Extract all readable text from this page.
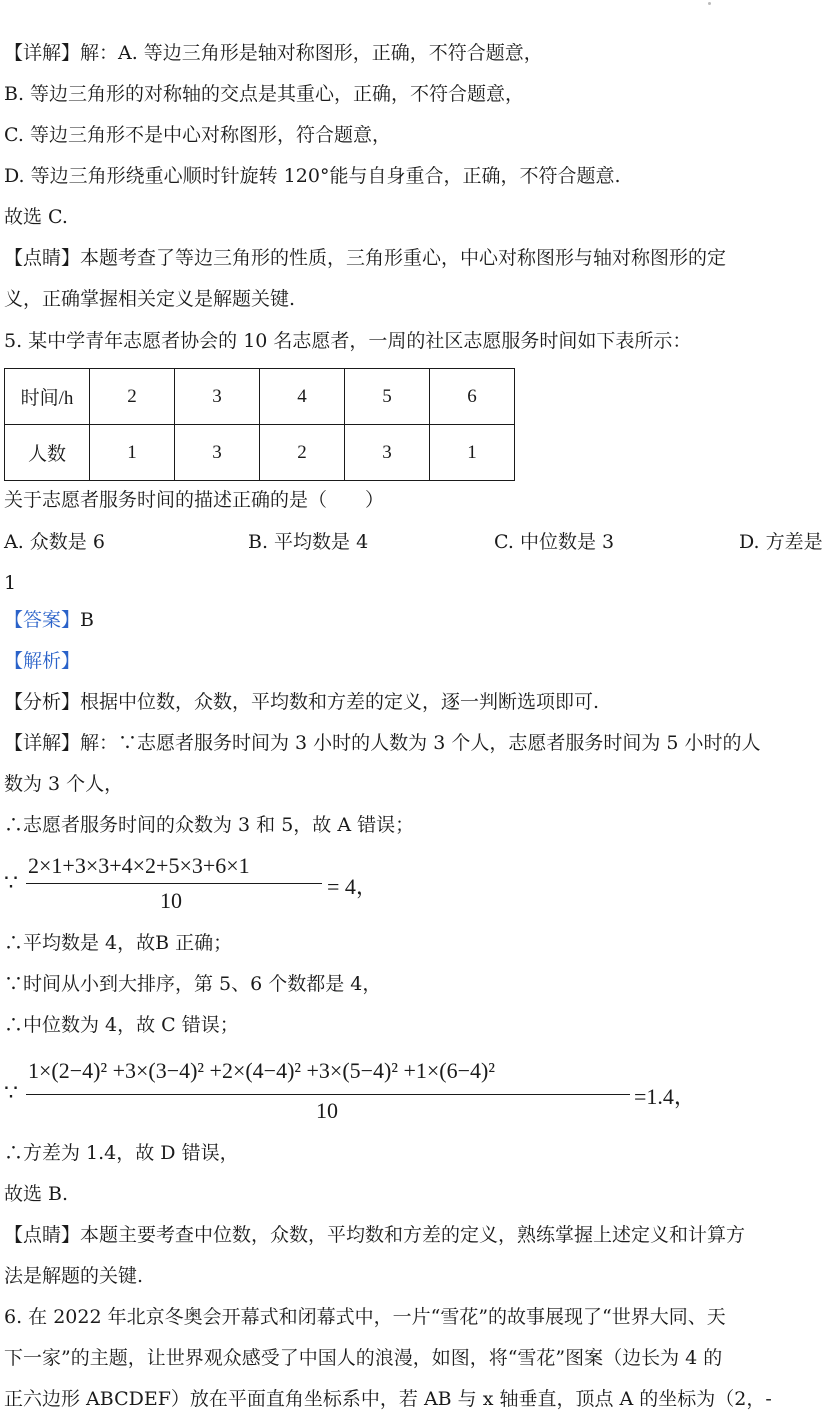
【详解】解：A. 等边三角形是轴对称图形，正确，不符合题意，
B. 等边三角形的对称轴的交点是其重心，正确，不符合题意，
C. 等边三角形不是中心对称图形，符合题意，
D. 等边三角形绕重心顺时针旋转 120°能与自身重合，正确，不符合题意.
故选 C.
【点睛】本题考查了等边三角形的性质，三角形重心，中心对称图形与轴对称图形的定
义，正确掌握相关定义是解题关键.
5. 某中学青年志愿者协会的 10 名志愿者，一周的社区志愿服务时间如下表所示：
时间/h	2	3	4	5	6
人数	1	3	2	3	1
关于志愿者服务时间的描述正确的是（　　）
A. 众数是 6	B. 平均数是 4	C. 中位数是 3	D. 方差是
1
【答案】B
【解析】
【分析】根据中位数，众数，平均数和方差的定义，逐一判断选项即可.
【详解】解：∵志愿者服务时间为 3 小时的人数为 3 个人，志愿者服务时间为 5 小时的人
数为 3 个人，
∴志愿者服务时间的众数为 3 和 5，故 A 错误；
∵
2×1+3×3+4×2+5×3+6×1
10
= 4，
∴平均数是 4，故B 正确；
∵时间从小到大排序，第 5、6 个数都是 4，
∴中位数为 4，故 C 错误；
∵
1×(2−4)² +3×(3−4)² +2×(4−4)² +3×(5−4)² +1×(6−4)²
10
=1.4，
∴方差为 1.4，故 D 错误，
故选 B.
【点睛】本题主要考查中位数，众数，平均数和方差的定义，熟练掌握上述定义和计算方
法是解题的关键.
6. 在 2022 年北京冬奥会开幕式和闭幕式中，一片“雪花”的故事展现了“世界大同、天
下一家”的主题，让世界观众感受了中国人的浪漫，如图，将“雪花”图案（边长为 4 的
正六边形 ABCDEF）放在平面直角坐标系中，若 AB 与 x 轴垂直，顶点 A 的坐标为（2，-
